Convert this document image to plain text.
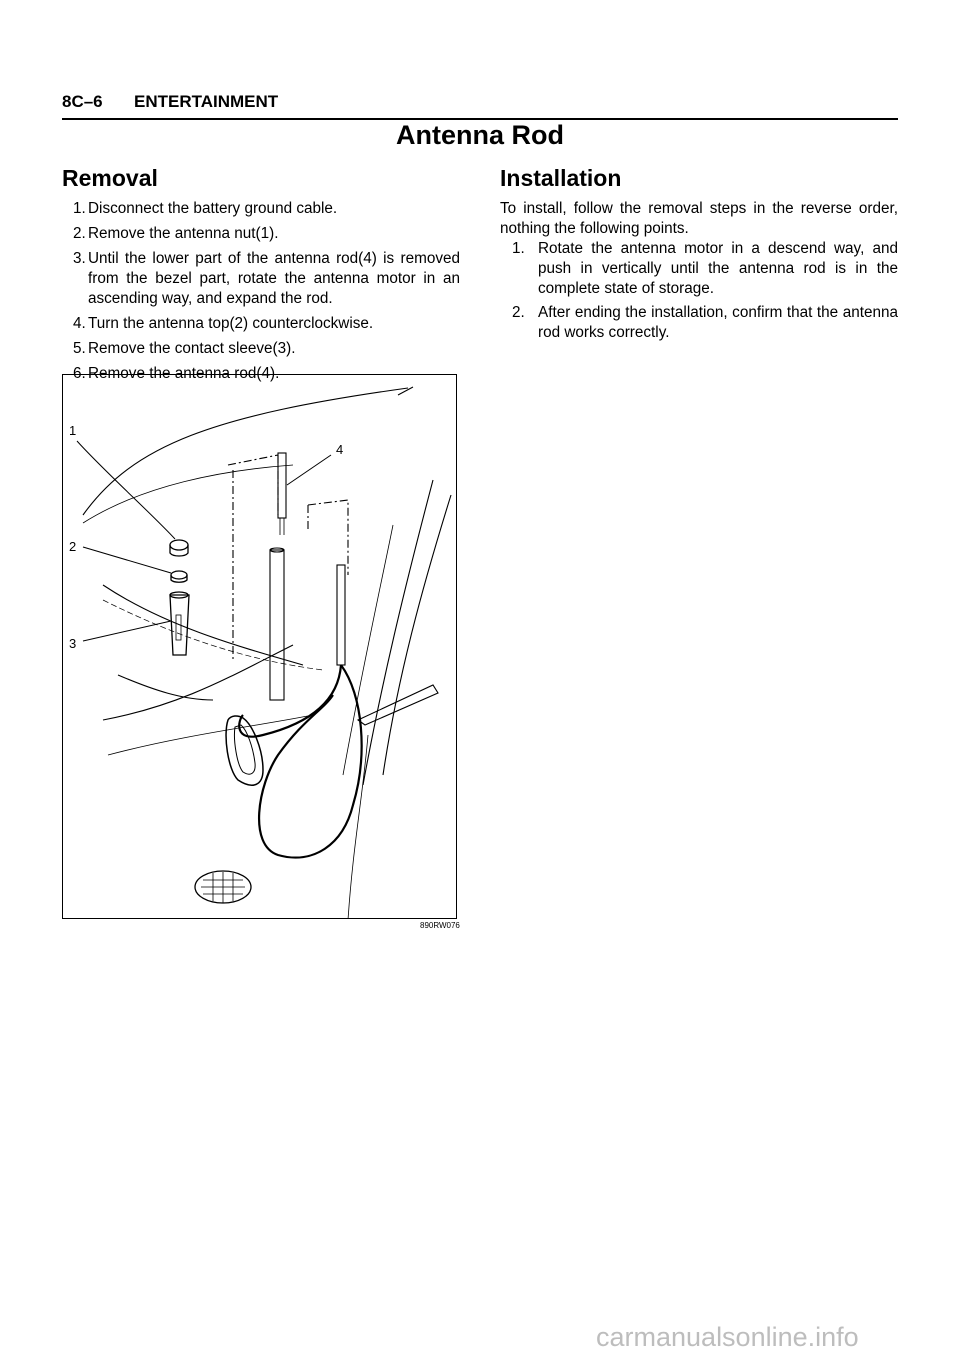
8C–6 ENTERTAINMENT
Antenna Rod
Removal
1. Disconnect the battery ground cable.
2. Remove the antenna nut(1).
3. Until the lower part of the antenna rod(4) is removed from the bezel part, rotate the antenna motor in an ascending way, and expand the rod.
4. Turn the antenna top(2) counterclockwise.
5. Remove the contact sleeve(3).
6. Remove the antenna rod(4).
Installation

To install, follow the removal steps in the reverse order, nothing the following points.

1. Rotate the antenna motor in a descend way, and push in vertically until the antenna rod is in the complete state of storage.
2. After ending the installation, confirm that the antenna rod works correctly.
1
2
3
4
890RW076
carmanualsonline.info
